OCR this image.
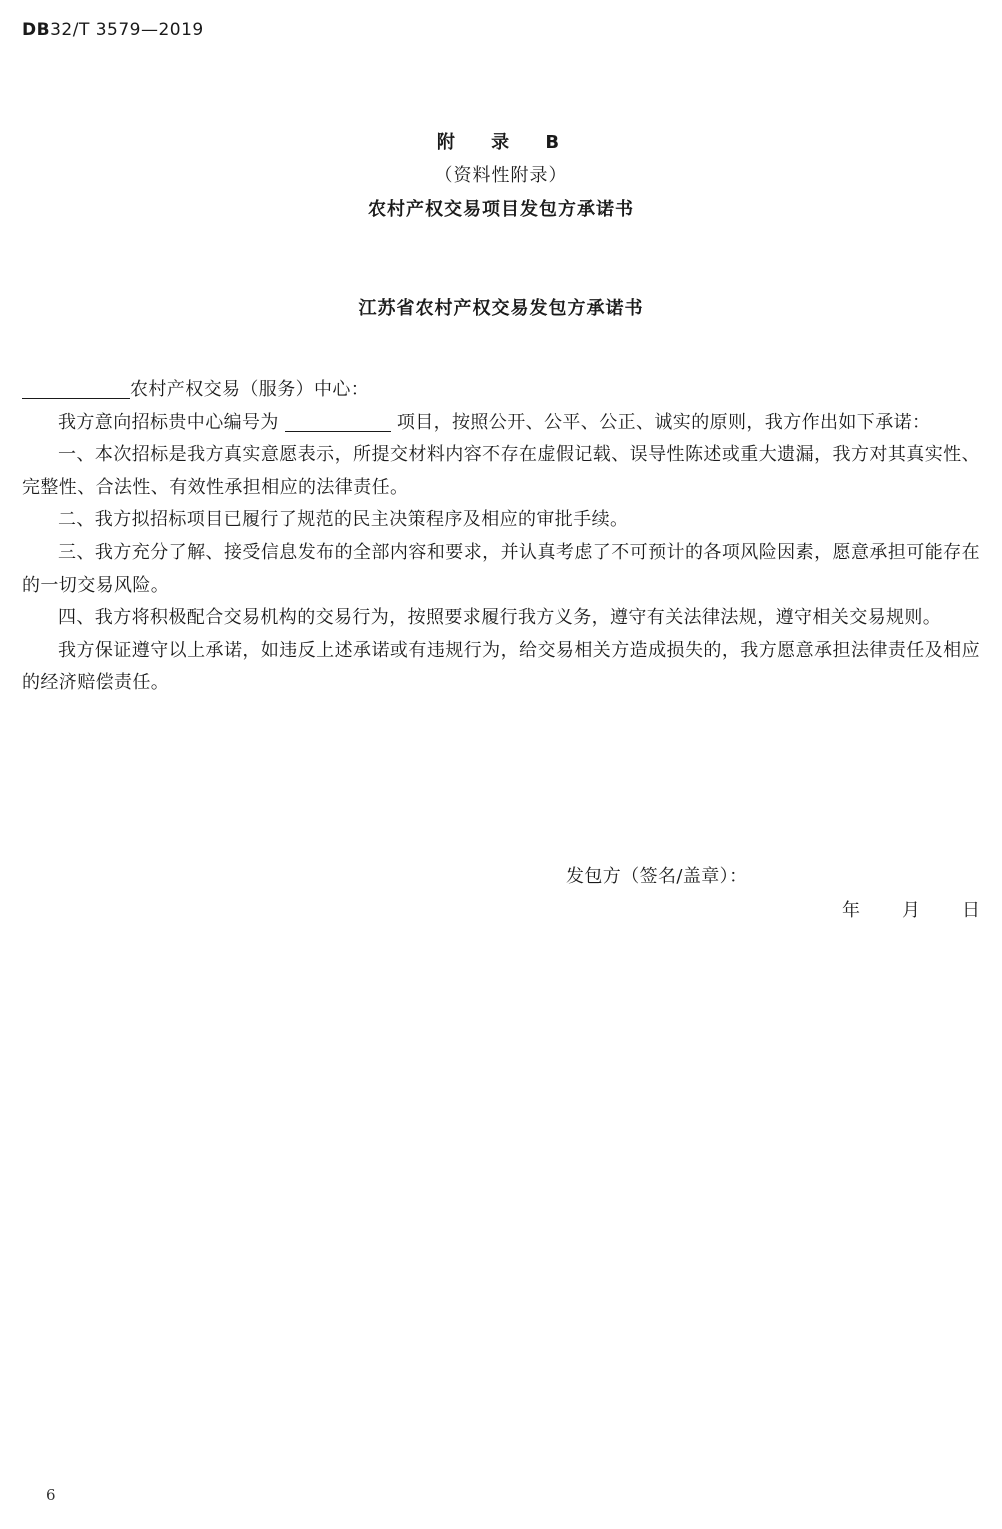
DB32/T 3579—2019
附 录 B
（资料性附录）
农村产权交易项目发包方承诺书
江苏省农村产权交易发包方承诺书

农村产权交易（服务）中心：

我方意向招标贵中心编号为	项目，按照公开、公平、公正、诚实的原则，我方作出如下承诺：

一、本次招标是我方真实意愿表示，所提交材料内容不存在虚假记载、误导性陈述或重大遗漏，我方对其真实性、完整性、合法性、有效性承担相应的法律责任。

二、我方拟招标项目已履行了规范的民主决策程序及相应的审批手续。

三、我方充分了解、接受信息发布的全部内容和要求，并认真考虑了不可预计的各项风险因素，愿意承担可能存在的一切交易风险。

四、我方将积极配合交易机构的交易行为，按照要求履行我方义务，遵守有关法律法规，遵守相关交易规则。

我方保证遵守以上承诺，如违反上述承诺或有违规行为，给交易相关方造成损失的，我方愿意承担法律责任及相应的经济赔偿责任。

发包方（签名/盖章）：
年 月 日
6
